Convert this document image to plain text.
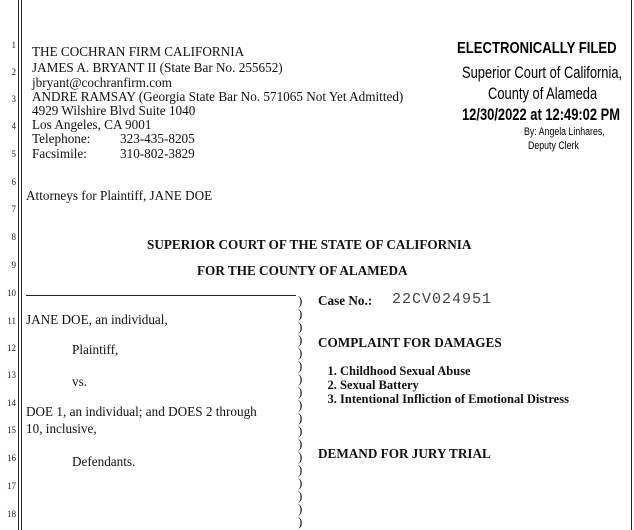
1
2
3
4
5
6
7
8
9
10
11
12
13
14
15
16
17
18
THE COCHRAN FIRM CALIFORNIA
JAMES A. BRYANT II (State Bar No. 255652)
jbryant@cochranfirm.com
ANDRE RAMSAY (Georgia State Bar No. 571065 Not Yet Admitted)
4929 Wilshire Blvd Suite 1040
Los Angeles, CA 9001
Telephone: 323-435-8205
Facsimile:	310-802-3829
Attorneys for Plaintiff, JANE DOE
ELECTRONICALLY FILED
Superior Court of California,
County of Alameda
12/30/2022 at 12:49:02 PM
By: Angela Linhares,
Deputy Clerk
SUPERIOR COURT OF THE STATE OF CALIFORNIA
FOR THE COUNTY OF ALAMEDA
JANE DOE, an individual,
Plaintiff,
vs.
DOE 1, an individual; and DOES 2 through
10, inclusive,
Defendants.
)
)
)
)
)
)
)
)
)
)
)
)
)
)
)
)
)
)
Case No.: 22CV024951
COMPLAINT FOR DAMAGES
1. Childhood Sexual Abuse
2. Sexual Battery
3. Intentional Infliction of Emotional Distress
DEMAND FOR JURY TRIAL
